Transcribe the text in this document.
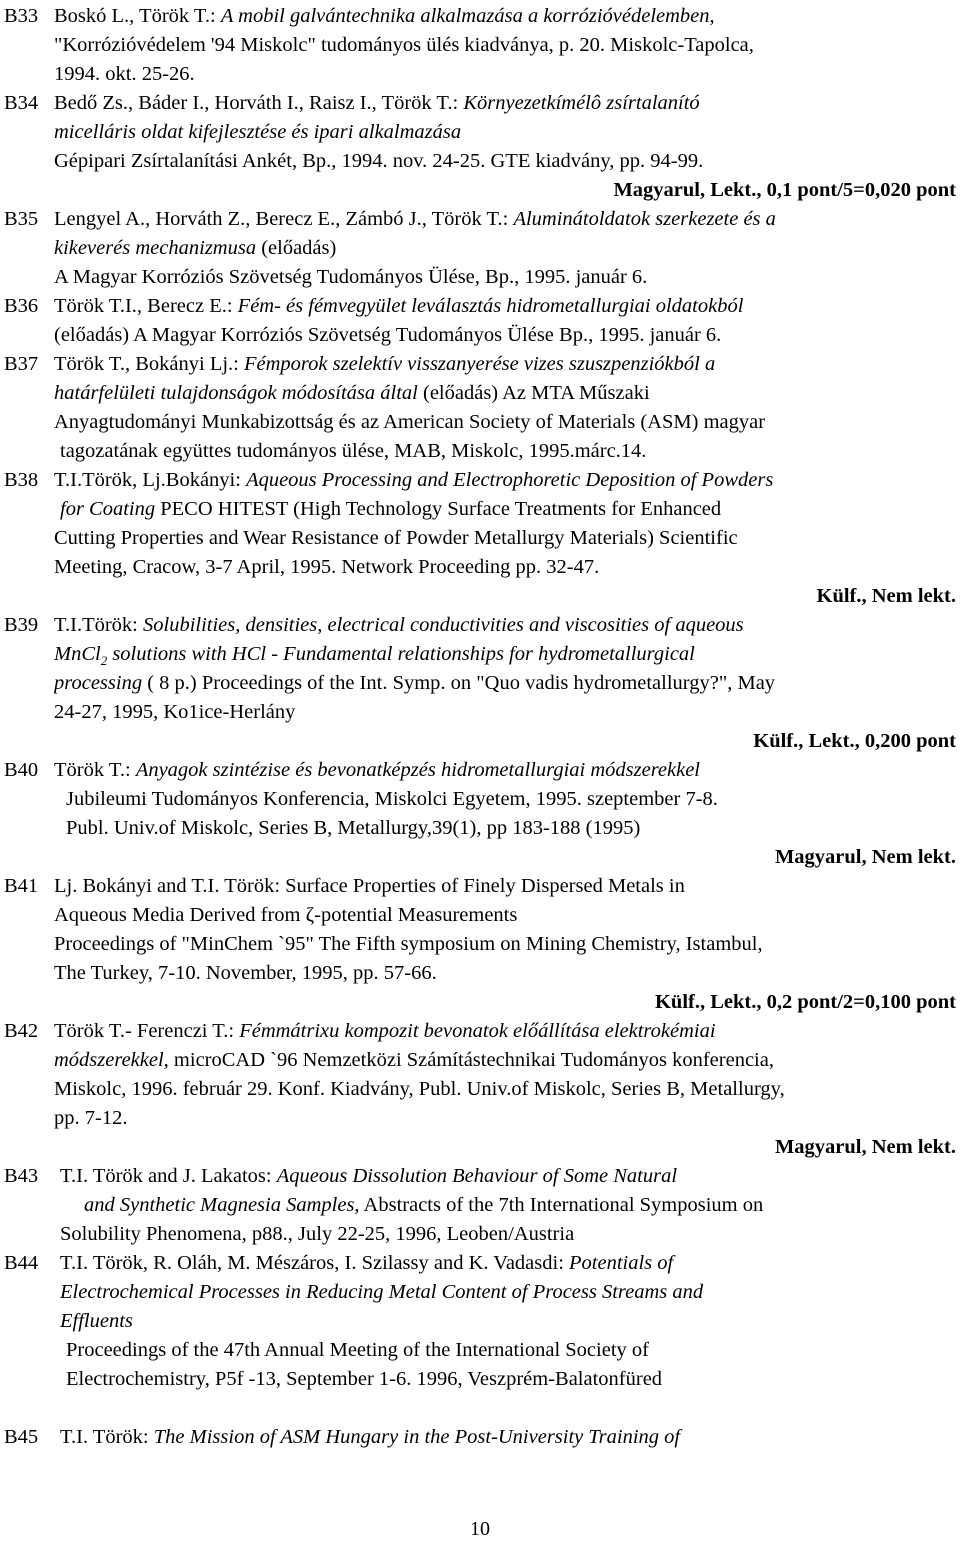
B33 Boskó L., Török T.: A mobil galvántechnika alkalmazása a korrózióvédelemben,
"Korrózióvédelem '94 Miskolc" tudományos ülés kiadványa, p. 20. Miskolc-Tapolca,
1994. okt. 25-26.
B34 Bedő Zs., Báder I., Horváth I., Raisz I., Török T.: Környezetkímélô zsírtalanító
micelláris oldat kifejlesztése és ipari alkalmazása
Gépipari Zsírtalanítási Ankét, Bp., 1994. nov. 24-25. GTE kiadvány, pp. 94-99.
Magyarul, Lekt., 0,1 pont/5=0,020 pont
B35 Lengyel A., Horváth Z., Berecz E., Zámbó J., Török T.: Aluminátoldatok szerkezete és a
kikeverés mechanizmusa (előadás)
A Magyar Korróziós Szövetség Tudományos Ülése, Bp., 1995. január 6.
B36 Török T.I., Berecz E.: Fém- és fémvegyület leválasztás hidrometallurgiai oldatokból
(előadás) A Magyar Korróziós Szövetség Tudományos Ülése Bp., 1995. január 6.
B37 Török T., Bokányi Lj.: Fémporok szelektív visszanyerése vizes szuszpenziókból a
határfelületi tulajdonságok módosítása által (előadás) Az MTA Műszaki
Anyagtudományi Munkabizottság és az American Society of Materials (ASM) magyar
tagozatának együttes tudományos ülése, MAB, Miskolc, 1995.márc.14.
B38 T.I.Török, Lj.Bokányi: Aqueous Processing and Electrophoretic Deposition of Powders
for Coating PECO HITEST (High Technology Surface Treatments for Enhanced
Cutting Properties and Wear Resistance of Powder Metallurgy Materials) Scientific
Meeting, Cracow, 3-7 April, 1995. Network Proceeding pp. 32-47.
Külf., Nem lekt.
B39 T.I.Török: Solubilities, densities, electrical conductivities and viscosities of aqueous
MnCl$_2$ solutions with HCl - Fundamental relationships for hydrometallurgical
processing ( 8 p.) Proceedings of the Int. Symp. on "Quo vadis hydrometallurgy?", May
24-27, 1995, Ko1ice-Herlány
Külf., Lekt., 0,200 pont
B40 Török T.: Anyagok szintézise és bevonatképzés hidrometallurgiai módszerekkel
Jubileumi Tudományos Konferencia, Miskolci Egyetem, 1995. szeptember 7-8.
Publ. Univ.of Miskolc, Series B, Metallurgy,39(1), pp 183-188 (1995)
Magyarul, Nem lekt.
B41 Lj. Bokányi and T.I. Török: Surface Properties of Finely Dispersed Metals in
Aqueous Media Derived from ζ-potential Measurements
Proceedings of "MinChem `95" The Fifth symposium on Mining Chemistry, Istambul,
The Turkey, 7-10. November, 1995, pp. 57-66.
Külf., Lekt., 0,2 pont/2=0,100 pont
B42 Török T.- Ferenczi T.: Fémmátrixu kompozit bevonatok előállítása elektrokémiai
módszerekkel, microCAD `96 Nemzetközi Számítástechnikai Tudományos konferencia,
Miskolc, 1996. február 29. Konf. Kiadvány, Publ. Univ.of Miskolc, Series B, Metallurgy,
pp. 7-12.
Magyarul, Nem lekt.
B43 T.I. Török and J. Lakatos: Aqueous Dissolution Behaviour of Some Natural
and Synthetic Magnesia Samples, Abstracts of the 7th International Symposium on
Solubility Phenomena, p88., July 22-25, 1996, Leoben/Austria
B44 T.I. Török, R. Oláh, M. Mészáros, I. Szilassy and K. Vadasdi: Potentials of
Electrochemical Processes in Reducing Metal Content of Process Streams and
Effluents
Proceedings of the 47th Annual Meeting of the International Society of
Electrochemistry, P5f -13, September 1-6. 1996, Veszprém-Balatonfüred
B45 T.I. Török: The Mission of ASM Hungary in the Post-University Training of
10
